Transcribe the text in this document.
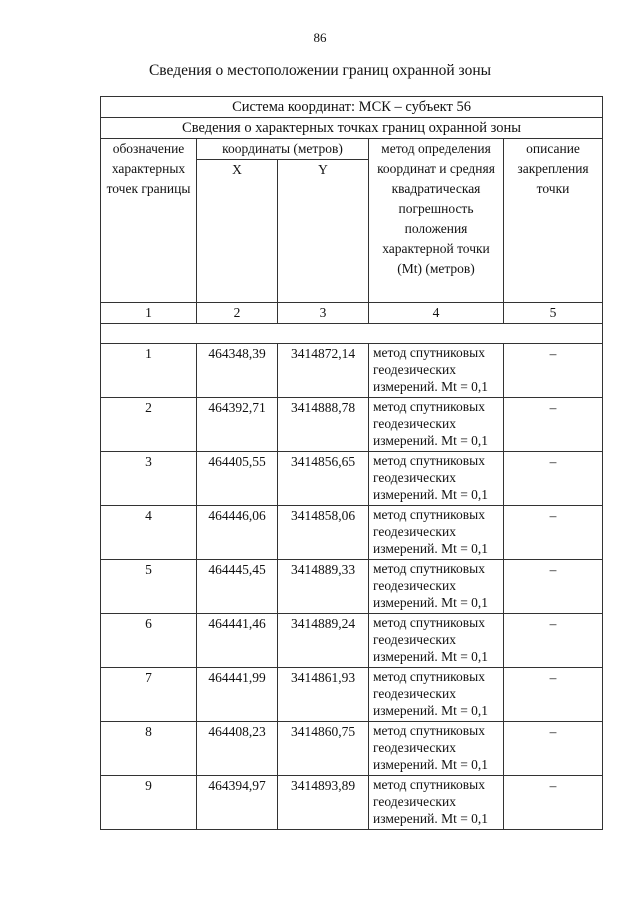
86
Сведения о местоположении границ охранной зоны
Система координат: МСК – субъект 56				
Сведения о характерных точках границ охранной зоны				
обозначение характерных точек границы	координаты (метров)		метод определения координат и средняя квадратическая погрешность положения характерной точки (Mt) (метров)	описание закрепления точки
	X	Y		
1	2	3	4	5

1	464348,39	3414872,14	метод спутниковых
геодезических
измерений. Mt = 0,1	–
2	464392,71	3414888,78	метод спутниковых
геодезических
измерений. Mt = 0,1	–
3	464405,55	3414856,65	метод спутниковых
геодезических
измерений. Mt = 0,1	–
4	464446,06	3414858,06	метод спутниковых
геодезических
измерений. Mt = 0,1	–
5	464445,45	3414889,33	метод спутниковых
геодезических
измерений. Mt = 0,1	–
6	464441,46	3414889,24	метод спутниковых
геодезических
измерений. Mt = 0,1	–
7	464441,99	3414861,93	метод спутниковых
геодезических
измерений. Mt = 0,1	–
8	464408,23	3414860,75	метод спутниковых
геодезических
измерений. Mt = 0,1	–
9	464394,97	3414893,89	метод спутниковых
геодезических
измерений. Mt = 0,1	–
